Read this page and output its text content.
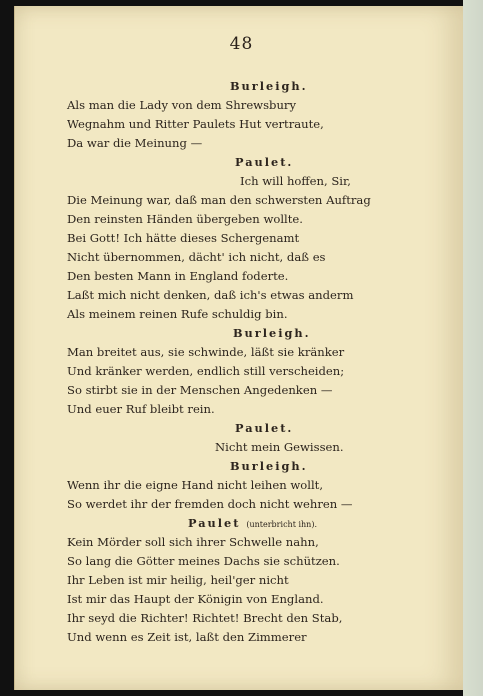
48
Burleigh.
Als man die Lady von dem Shrewsbury
Wegnahm und Ritter Paulets Hut vertraute,
Da war die Meinung —
Paulet.
Ich will hoffen, Sir,
Die Meinung war, daß man den schwersten Auftrag
Den reinsten Händen übergeben wollte.
Bei Gott! Ich hätte dieses Schergenamt
Nicht übernommen, dächt' ich nicht, daß es
Den besten Mann in England foderte.
Laßt mich nicht denken, daß ich's etwas anderm
Als meinem reinen Rufe schuldig bin.
Burleigh.
Man breitet aus, sie schwinde, läßt sie kränker
Und kränker werden, endlich still verscheiden;
So stirbt sie in der Menschen Angedenken —
Und euer Ruf bleibt rein.
Paulet.
Nicht mein Gewissen.
Burleigh.
Wenn ihr die eigne Hand nicht leihen wollt,
So werdet ihr der fremden doch nicht wehren —
Paulet (unterbricht ihn).
Kein Mörder soll sich ihrer Schwelle nahn,
So lang die Götter meines Dachs sie schützen.
Ihr Leben ist mir heilig, heil'ger nicht
Ist mir das Haupt der Königin von England.
Ihr seyd die Richter! Richtet! Brecht den Stab,
Und wenn es Zeit ist, laßt den Zimmerer
